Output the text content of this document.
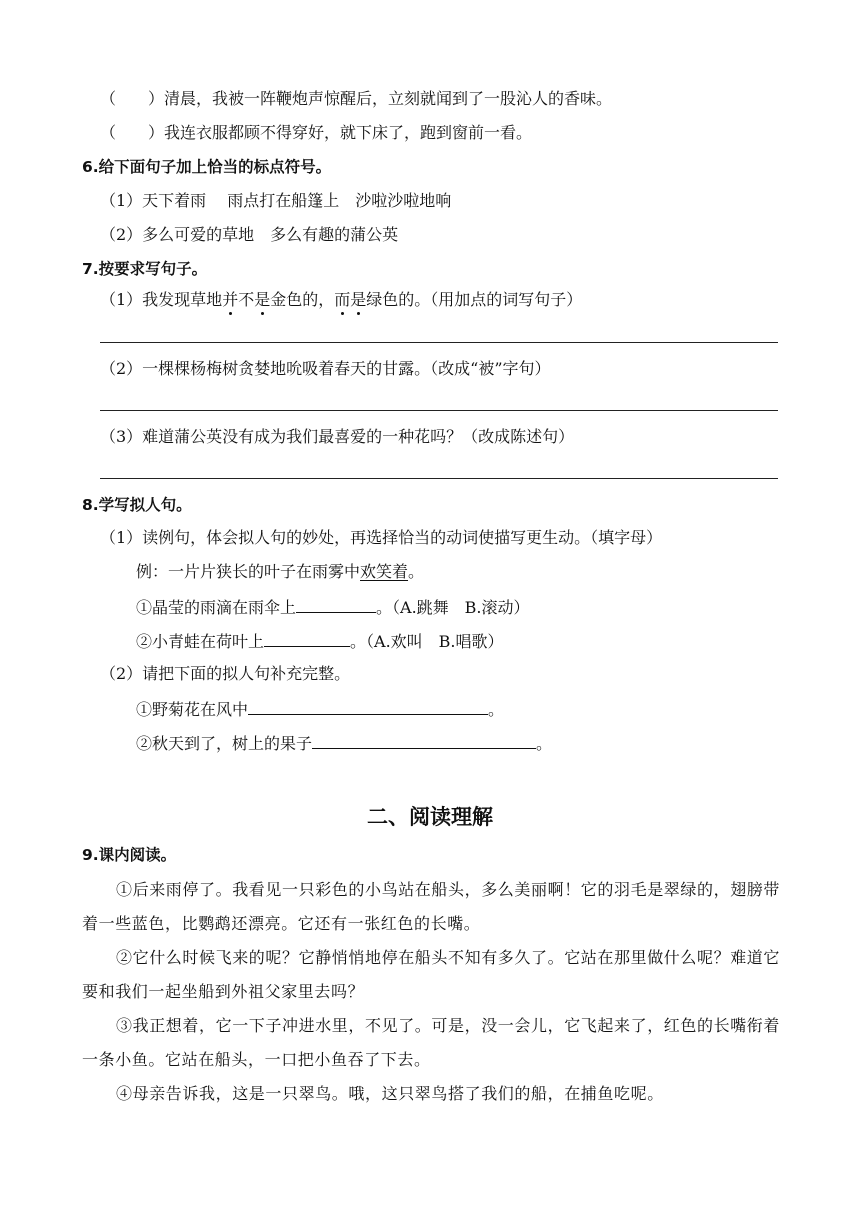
（　　）清晨，我被一阵鞭炮声惊醒后，立刻就闻到了一股沁人的香味。
（　　）我连衣服都顾不得穿好，就下床了，跑到窗前一看。
6.给下面句子加上恰当的标点符号。
（1）天下着雨　 雨点打在船篷上　沙啦沙啦地响
（2）多么可爱的草地　多么有趣的蒲公英
7.按要求写句子。
（1）我发现草地并不是金色的，而是绿色的。（用加点的词写句子）
（2）一棵棵杨梅树贪婪地吮吸着春天的甘露。（改成“被”字句）
（3）难道蒲公英没有成为我们最喜爱的一种花吗？（改成陈述句）
8.学写拟人句。
（1）读例句，体会拟人句的妙处，再选择恰当的动词使描写更生动。（填字母）
例：一片片狭长的叶子在雨雾中欢笑着。
①晶莹的雨滴在雨伞上	。（A.跳舞　B.滚动）
②小青蛙在荷叶上	。（A.欢叫　B.唱歌）
（2）请把下面的拟人句补充完整。
①野菊花在风中	。
②秋天到了，树上的果子	。
二、阅读理解
9.课内阅读。
①后来雨停了。我看见一只彩色的小鸟站在船头，多么美丽啊！它的羽毛是翠绿的，翅膀带着一些蓝色，比鹦鹉还漂亮。它还有一张红色的长嘴。
②它什么时候飞来的呢？它静悄悄地停在船头不知有多久了。它站在那里做什么呢？难道它要和我们一起坐船到外祖父家里去吗？
③我正想着，它一下子冲进水里，不见了。可是，没一会儿，它飞起来了，红色的长嘴衔着一条小鱼。它站在船头，一口把小鱼吞了下去。
④母亲告诉我，这是一只翠鸟。哦，这只翠鸟搭了我们的船，在捕鱼吃呢。
